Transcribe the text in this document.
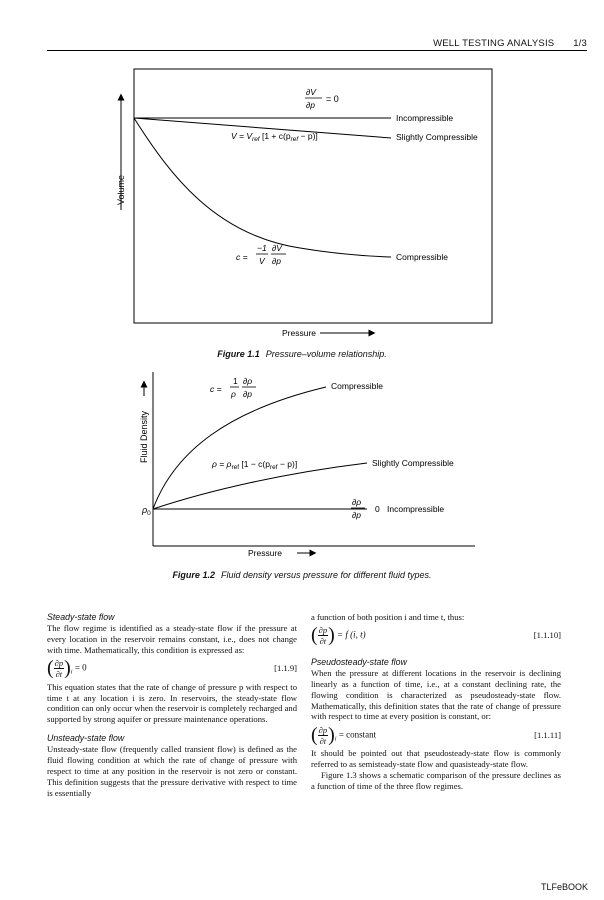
WELL TESTING ANALYSIS 1/3
Volume
∂V
∂p
= 0
$V = V_{ref}$ $[1 + c(p_{ref} - p)]$
c =
−1
V
∂V
∂p
Incompressible
Slightly Compressible
Compressible
Pressure
Figure 1.1 Pressure–volume relationship.
Fluid Density
$\rho_0$
c =
1
ρ
∂ρ
∂p
$\rho = \rho_{ref}$ $[1 - c(p_{ref} - p)]$
∂ρ
∂p
0
Compressible
Slightly Compressible
Incompressible
Pressure
Figure 1.2 Fluid density versus pressure for different fluid types.

Steady-state flow

The flow regime is identified as a steady-state flow if the pressure at every location in the reservoir remains constant, i.e., does not change with time. Mathematically, this condition is expressed as:

( $\frac{\partial p}{\partial t} )_i = 0$	[1.1.9]

This equation states that the rate of change of pressure p with respect to time t at any location i is zero. In reservoirs, the steady-state flow condition can only occur when the reservoir is completely recharged and supported by strong aquifer or pressure maintenance operations.

Unsteady-state flow

Unsteady-state flow (frequently called transient flow) is defined as the fluid flowing condition at which the rate of change of pressure with respect to time at any position in the reservoir is not zero or constant. This definition suggests that the pressure derivative with respect to time is essentially

a function of both position i and time t, thus:

( $\frac{\partial p}{\partial t}$ ) = f (i, t)	[1.1.10]

Pseudosteady-state flow

When the pressure at different locations in the reservoir is declining linearly as a function of time, i.e., at a constant declining rate, the flowing condition is characterized as pseudosteady-state flow. Mathematically, this definition states that the rate of change of pressure with respect to time at every position is constant, or:

( $\frac{\partial p}{\partial t} )_i$ = constant	[1.1.11]

It should be pointed out that pseudosteady-state flow is commonly referred to as semisteady-state flow and quasisteady-state flow.

Figure 1.3 shows a schematic comparison of the pressure declines as a function of time of the three flow regimes.

TLFeBOOK
